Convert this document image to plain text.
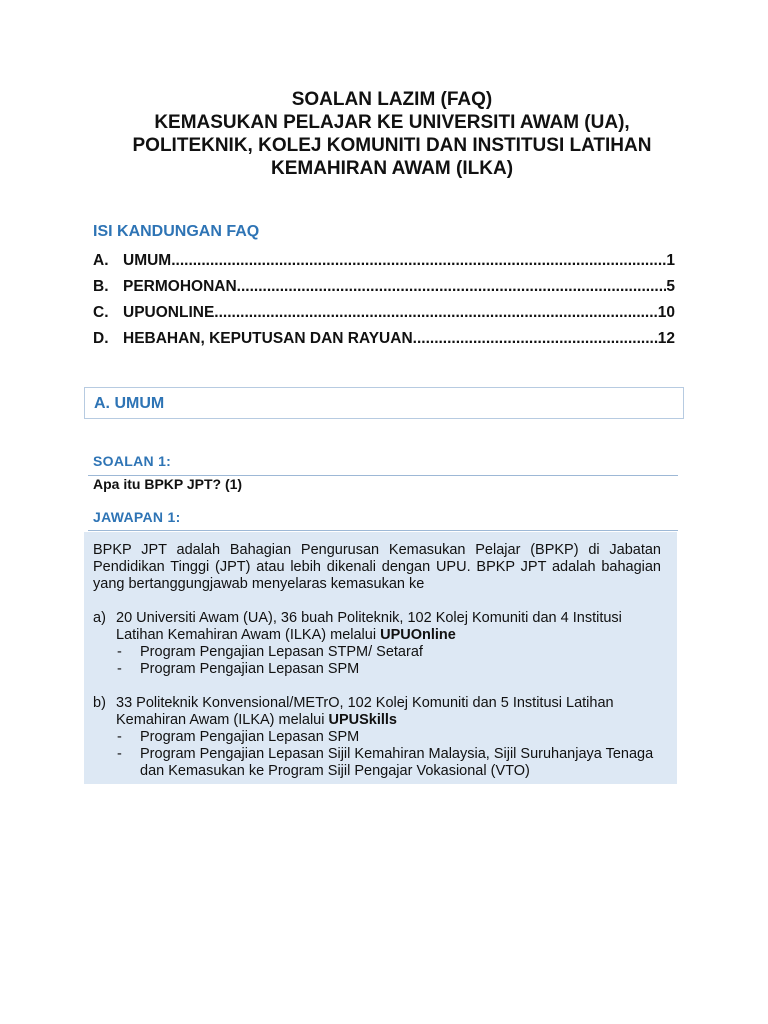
SOALAN LAZIM (FAQ)
KEMASUKAN PELAJAR KE UNIVERSITI AWAM (UA),
POLITEKNIK, KOLEJ KOMUNITI DAN INSTITUSI LATIHAN
KEMAHIRAN AWAM (ILKA)
ISI KANDUNGAN FAQ
A. UMUM .....	1
B. PERMOHONAN .....	5
C. UPUONLINE .....	10
D. HEBAHAN, KEPUTUSAN DAN RAYUAN .....	12
A. UMUM
SOALAN 1:
Apa itu BPKP JPT? (1)
JAWAPAN 1:

BPKP JPT adalah Bahagian Pengurusan Kemasukan Pelajar (BPKP) di Jabatan Pendidikan Tinggi (JPT) atau lebih dikenali dengan UPU. BPKP JPT adalah bahagian yang bertanggungjawab menyelaras kemasukan ke

a) 20 Universiti Awam (UA), 36 buah Politeknik, 102 Kolej Komuniti dan 4 Institusi Latihan Kemahiran Awam (ILKA) melalui UPUOnline
- Program Pengajian Lepasan STPM/ Setaraf
- Program Pengajian Lepasan SPM
b) 33 Politeknik Konvensional/METrO, 102 Kolej Komuniti dan 5 Institusi Latihan Kemahiran Awam (ILKA) melalui UPUSkills
- Program Pengajian Lepasan SPM
- Program Pengajian Lepasan Sijil Kemahiran Malaysia, Sijil Suruhanjaya Tenaga dan Kemasukan ke Program Sijil Pengajar Vokasional (VTO)
